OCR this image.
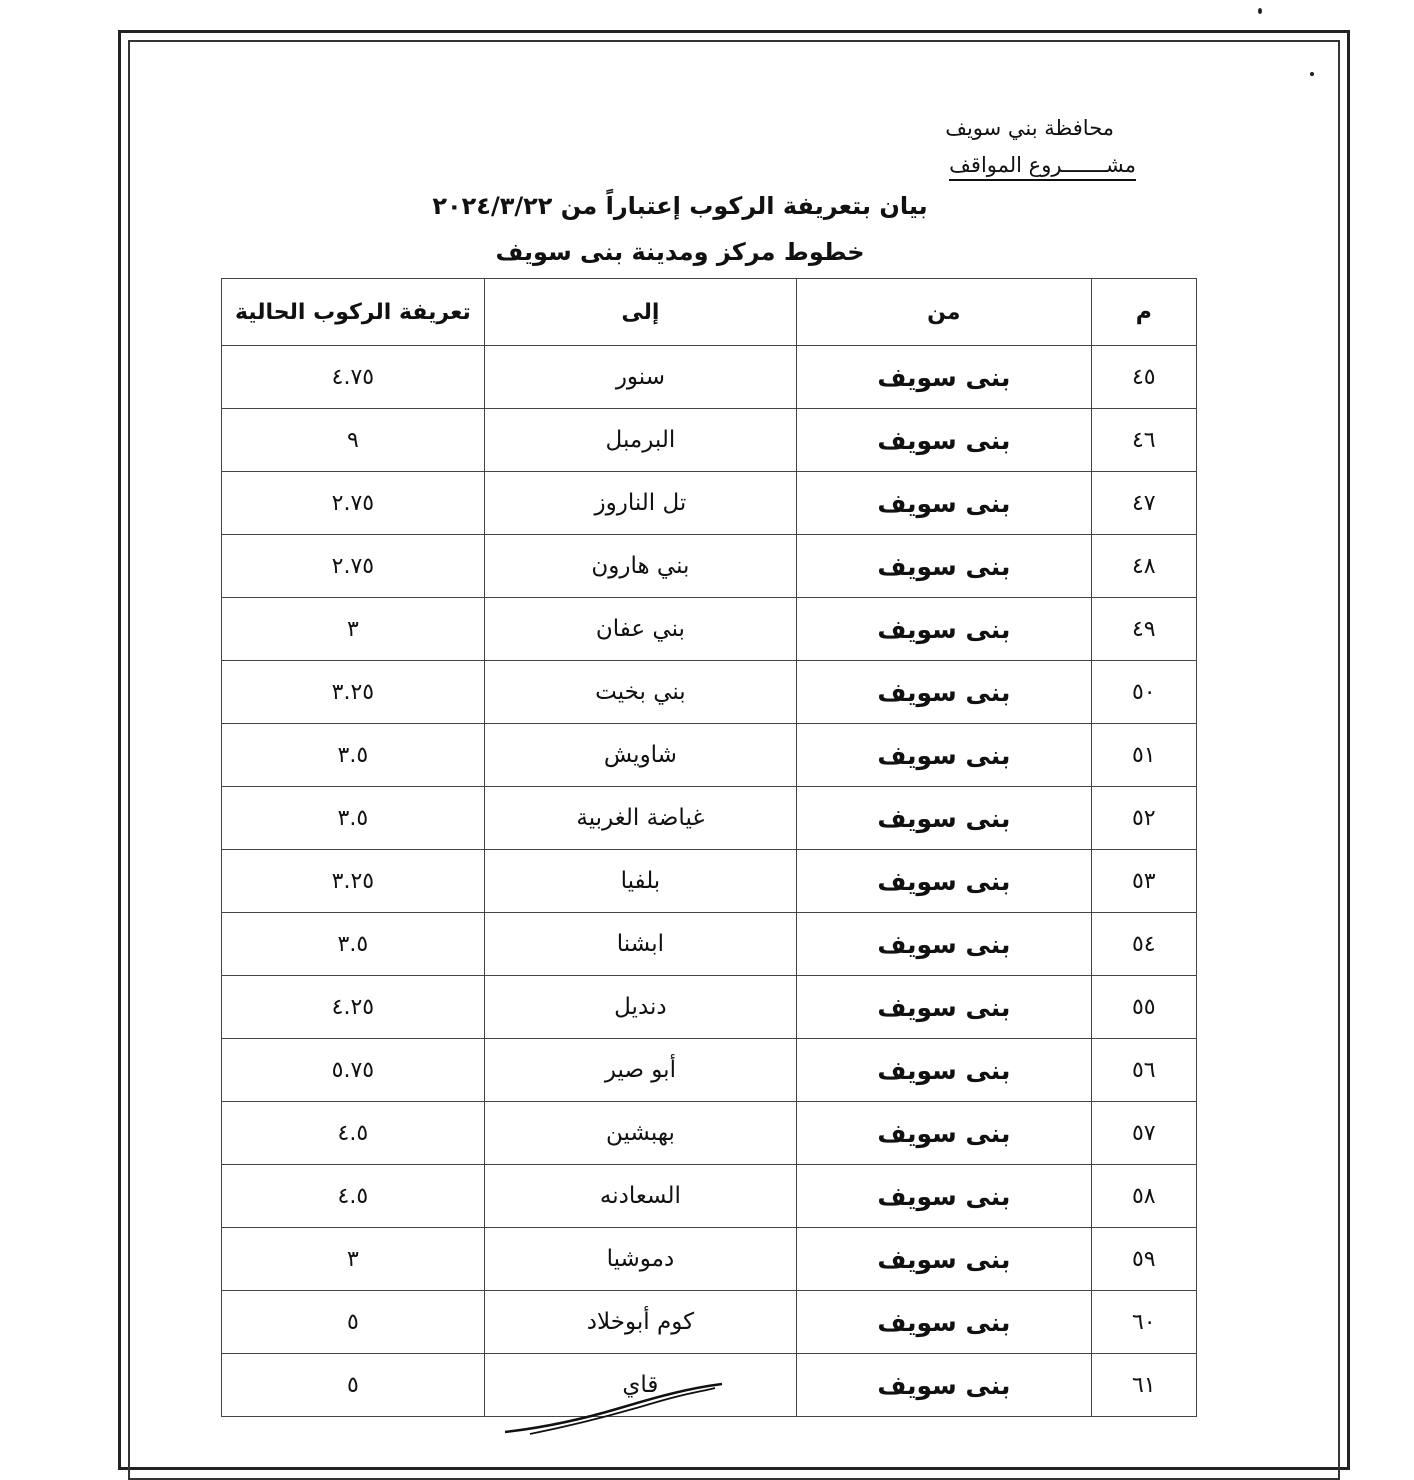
محافظة بني سويف
مشـــــــروع المواقف
بيان بتعريفة الركوب إعتباراً من ٢٠٢٤/٣/٢٢
خطوط مركز ومدينة بنى سويف
م	من	إلى	تعريفة الركوب الحالية
٤٥	بنى سويف	سنور	٤.٧٥
٤٦	بنى سويف	البرمبل	٩
٤٧	بنى سويف	تل الناروز	٢.٧٥
٤٨	بنى سويف	بني هارون	٢.٧٥
٤٩	بنى سويف	بني عفان	٣
٥٠	بنى سويف	بني بخيت	٣.٢٥
٥١	بنى سويف	شاويش	٣.٥
٥٢	بنى سويف	غياضة الغربية	٣.٥
٥٣	بنى سويف	بلفيا	٣.٢٥
٥٤	بنى سويف	ابشنا	٣.٥
٥٥	بنى سويف	دنديل	٤.٢٥
٥٦	بنى سويف	أبو صير	٥.٧٥
٥٧	بنى سويف	بهبشين	٤.٥
٥٨	بنى سويف	السعادنه	٤.٥
٥٩	بنى سويف	دموشيا	٣
٦٠	بنى سويف	كوم أبوخلاد	٥
٦١	بنى سويف	قاي	٥
